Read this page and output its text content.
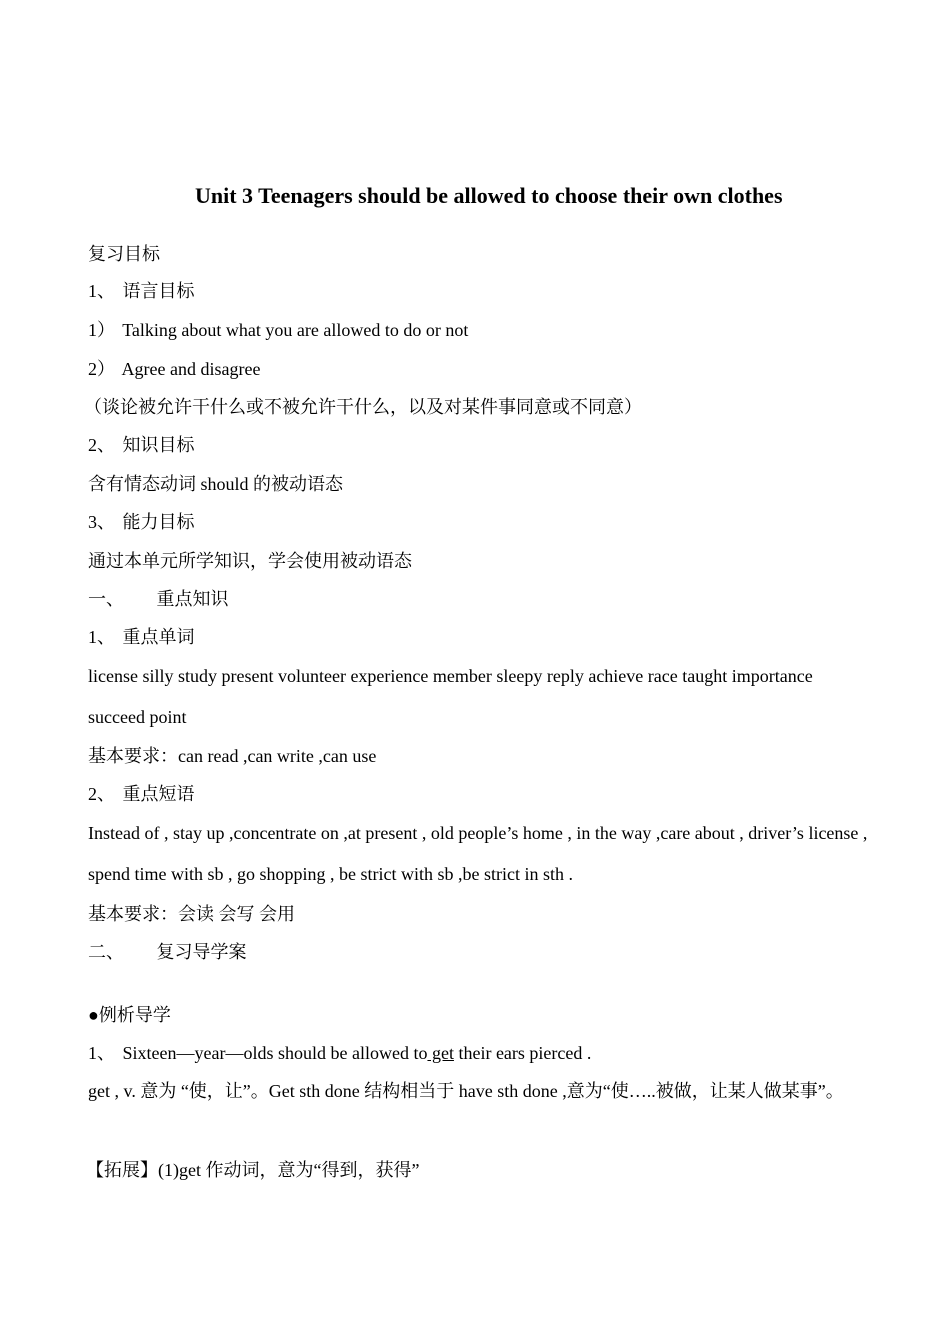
Unit 3 Teenagers should be allowed to choose their own clothes
复习目标
1、 语言目标
1） Talking about what you are allowed to do or not
2） Agree and disagree
（谈论被允许干什么或不被允许干什么，以及对某件事同意或不同意）
2、 知识目标
含有情态动词 should 的被动语态
3、 能力目标
通过本单元所学知识，学会使用被动语态
一、 重点知识
1、 重点单词
license silly study present volunteer experience member sleepy reply achieve race taught importance succeed point
基本要求：can read ,can write ,can use
2、 重点短语
Instead of , stay up ,concentrate on ,at present , old people’s home , in the way ,care about , driver’s license , spend time with sb , go shopping , be strict with sb ,be strict in sth .
基本要求：会读 会写 会用
二、 复习导学案
●例析导学
1、 Sixteen—year—olds should be allowed to get their ears pierced .
get , v. 意为 “使，让”。Get sth done 结构相当于 have sth done ,意为“使…..被做，让某人做某事”。
【拓展】(1)get 作动词，意为“得到，获得”
